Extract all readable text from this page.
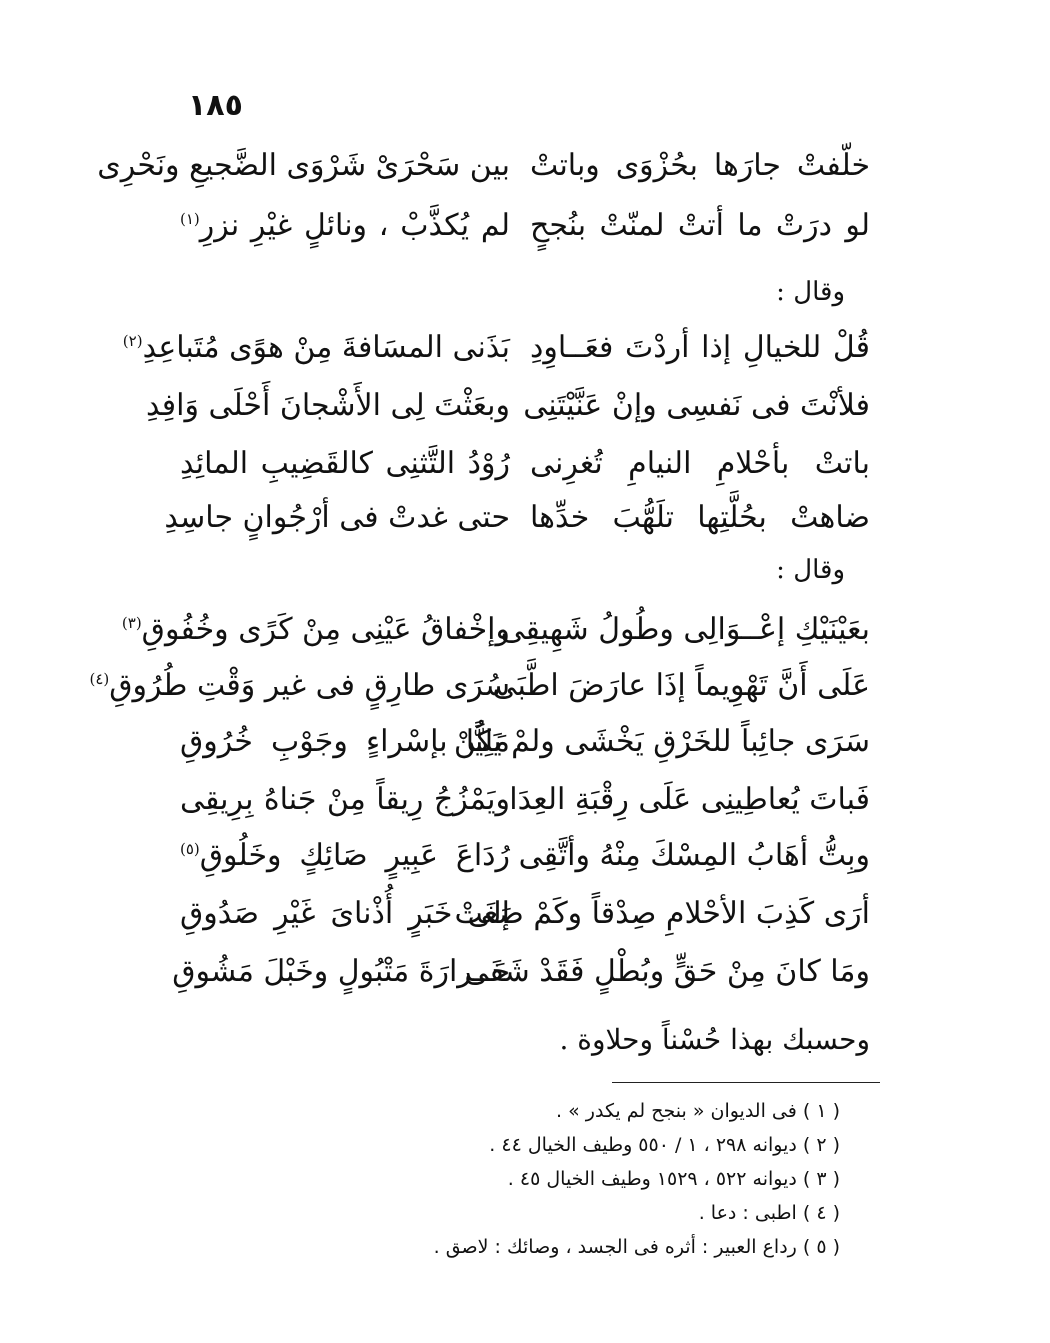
١٨٥
خلّفتْ جارَها بحُزْوَى وباتتْ
بين سَحْرَىْ شَرْوَى الضَّجيعِ ونَحْرِى
لو درَتْ ما أتتْ لمنّتْ بنُجحٍ
لم يُكذَّبْ ، ونائلٍ غيْرِ نزرِ$^{(١)}$
وقال :
قُلْ للخيالِ إذا أردْتَ فعَــاوِدِ
بَذَنى المسَافةَ مِنْ هوًى مُتَباعِدِ$^{(٢)}$
فلأنْتَ فى نَفسِى وإنْ عَنَّيْتَنِى
وبعَثْتَ لِى الأَشْجانَ أَحْلَى وَافِدِ
باتتْ بأحْلامِ النيامِ تُغرِنى
رُوْدُ التَّثنِى كالقَضِيبِ المائِدِ
ضاهتْ بحُلَّتِها تلَهُّبَ خدِّها
حتى غدتْ فى أرْجُوانٍ جاسِدِ
وقال :
بعَيْنَيْكِ إعْــوَالِى وطُولُ شَهِيقِى
وإخْفاقُ عَيْنِى مِنْ كَرًى وخُفُوقِ$^{(٣)}$
عَلَى أَنَّ تَهْوِيماً إذَا عارَضَ اطَّبَى
سُرَى طارِقٍ فى غير وَقْتِ طُرُوقِ$^{(٤)}$
سَرَى جائِباً للخَرْقِ يَخْشَى ولمْ يَكُنْ
مَلِيًّا بإسْراءٍ وجَوْبِ خُرُوقِ
فَباتَ يُعاطِينِى عَلَى رِقْبَةِ العِدَا
ويَمْزُجُ رِيقاً مِنْ جَناهُ بِرِيقِى
وبِتُّ أهَابُ المِسْكَ مِنْهُ وأتَّقِى
رُدَاعَ عَبِيرٍ صَائِكٍ وخَلُوقِ$^{(٥)}$
أرَى كَذِبَ الأحْلامِ صِدْقاً وكَمْ صَغَتْ
إلى خَبَرٍ أُذْناىَ غَيْرِ صَدُوقِ
ومَا كانَ مِنْ حَقٍّ وبُطْلٍ فَقَدْ شَفَى
حَــرارَةَ مَتْبُولٍ وخَبْلَ مَشُوقِ
وحسبك بهذا حُسْناً وحلاوة .
( ١ ) فى الديوان « بنجح لم يكدر » .
( ٢ ) ديوانه ٢٩٨ ، ١ / ٥٥٠ وطيف الخيال ٤٤ .
( ٣ ) ديوانه ٥٢٢ ، ١٥٢٩ وطيف الخيال ٤٥ .
( ٤ ) اطبى : دعا .
( ٥ ) رداع العبير : أثره فى الجسد ، وصائك : لاصق .
